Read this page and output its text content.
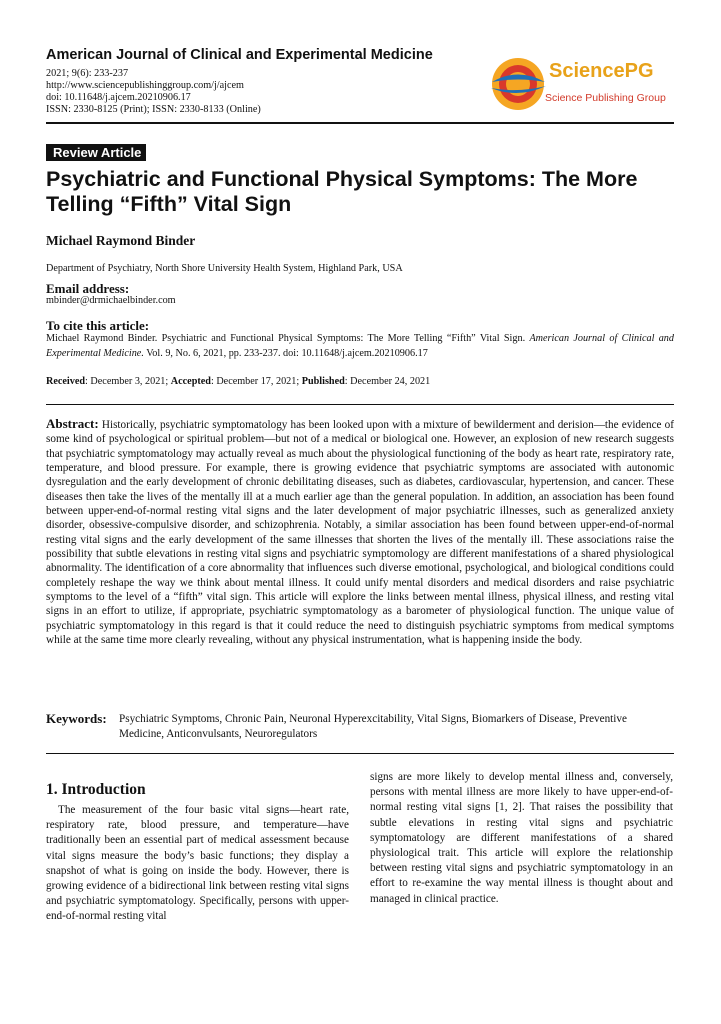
American Journal of Clinical and Experimental Medicine
2021; 9(6): 233-237
http://www.sciencepublishinggroup.com/j/ajcem
doi: 10.11648/j.ajcem.20210906.17
ISSN: 2330-8125 (Print); ISSN: 2330-8133 (Online)
SciencePG
Science Publishing Group
Review Article
Psychiatric and Functional Physical Symptoms: The More Telling “Fifth” Vital Sign
Michael Raymond Binder
Department of Psychiatry, North Shore University Health System, Highland Park, USA
Email address:
mbinder@drmichaelbinder.com
To cite this article:
Michael Raymond Binder. Psychiatric and Functional Physical Symptoms: The More Telling “Fifth” Vital Sign. American Journal of Clinical and Experimental Medicine. Vol. 9, No. 6, 2021, pp. 233-237. doi: 10.11648/j.ajcem.20210906.17
Received: December 3, 2021; Accepted: December 17, 2021; Published: December 24, 2021
Abstract: Historically, psychiatric symptomatology has been looked upon with a mixture of bewilderment and derision—the evidence of some kind of psychological or spiritual problem—but not of a medical or biological one. However, an explosion of new research suggests that psychiatric symptomatology may actually reveal as much about the physiological functioning of the body as heart rate, respiratory rate, temperature, and blood pressure. For example, there is growing evidence that psychiatric symptoms are associated with autonomic dysregulation and the early development of chronic debilitating diseases, such as diabetes, cardiovascular, hypertension, and cancer. These diseases then take the lives of the mentally ill at a much earlier age than the general population. In addition, an association has been found between upper-end-of-normal resting vital signs and the later development of major psychiatric illnesses, such as generalized anxiety disorder, obsessive-compulsive disorder, and schizophrenia. Notably, a similar association has been found between upper-end-of-normal resting vital signs and the early development of the same illnesses that shorten the lives of the mentally ill. These associations raise the possibility that subtle elevations in resting vital signs and psychiatric symptomology are different manifestations of a shared physiological abnormality. The identification of a core abnormality that influences such diverse emotional, psychological, and biological conditions could completely reshape the way we think about mental illness. It could unify mental disorders and medical disorders and raise psychiatric symptoms to the level of a “fifth” vital sign. This article will explore the links between mental illness, physical illness, and resting vital signs in an effort to utilize, if appropriate, psychiatric symptomatology as a barometer of physiological function. The unique value of psychiatric symptomatology in this regard is that it could reduce the need to distinguish psychiatric symptoms from medical symptoms while at the same time more clearly revealing, without any physical instrumentation, what is happening inside the body.
Keywords: Psychiatric Symptoms, Chronic Pain, Neuronal Hyperexcitability, Vital Signs, Biomarkers of Disease, Preventive Medicine, Anticonvulsants, Neuroregulators
1. Introduction
The measurement of the four basic vital signs—heart rate, respiratory rate, blood pressure, and temperature—have traditionally been an essential part of medical assessment because vital signs measure the body’s basic functions; they display a snapshot of what is going on inside the body. However, there is growing evidence of a bidirectional link between resting vital signs and psychiatric symptomatology. Specifically, persons with upper-end-of-normal resting vital
signs are more likely to develop mental illness and, conversely, persons with mental illness are more likely to have upper-end-of-normal resting vital signs [1, 2]. That raises the possibility that subtle elevations in resting vital signs and psychiatric symptomatology are different manifestations of a shared physiological trait. This article will explore the relationship between resting vital signs and psychiatric symptomatology in an effort to re-examine the way mental illness is thought about and managed in clinical practice.
